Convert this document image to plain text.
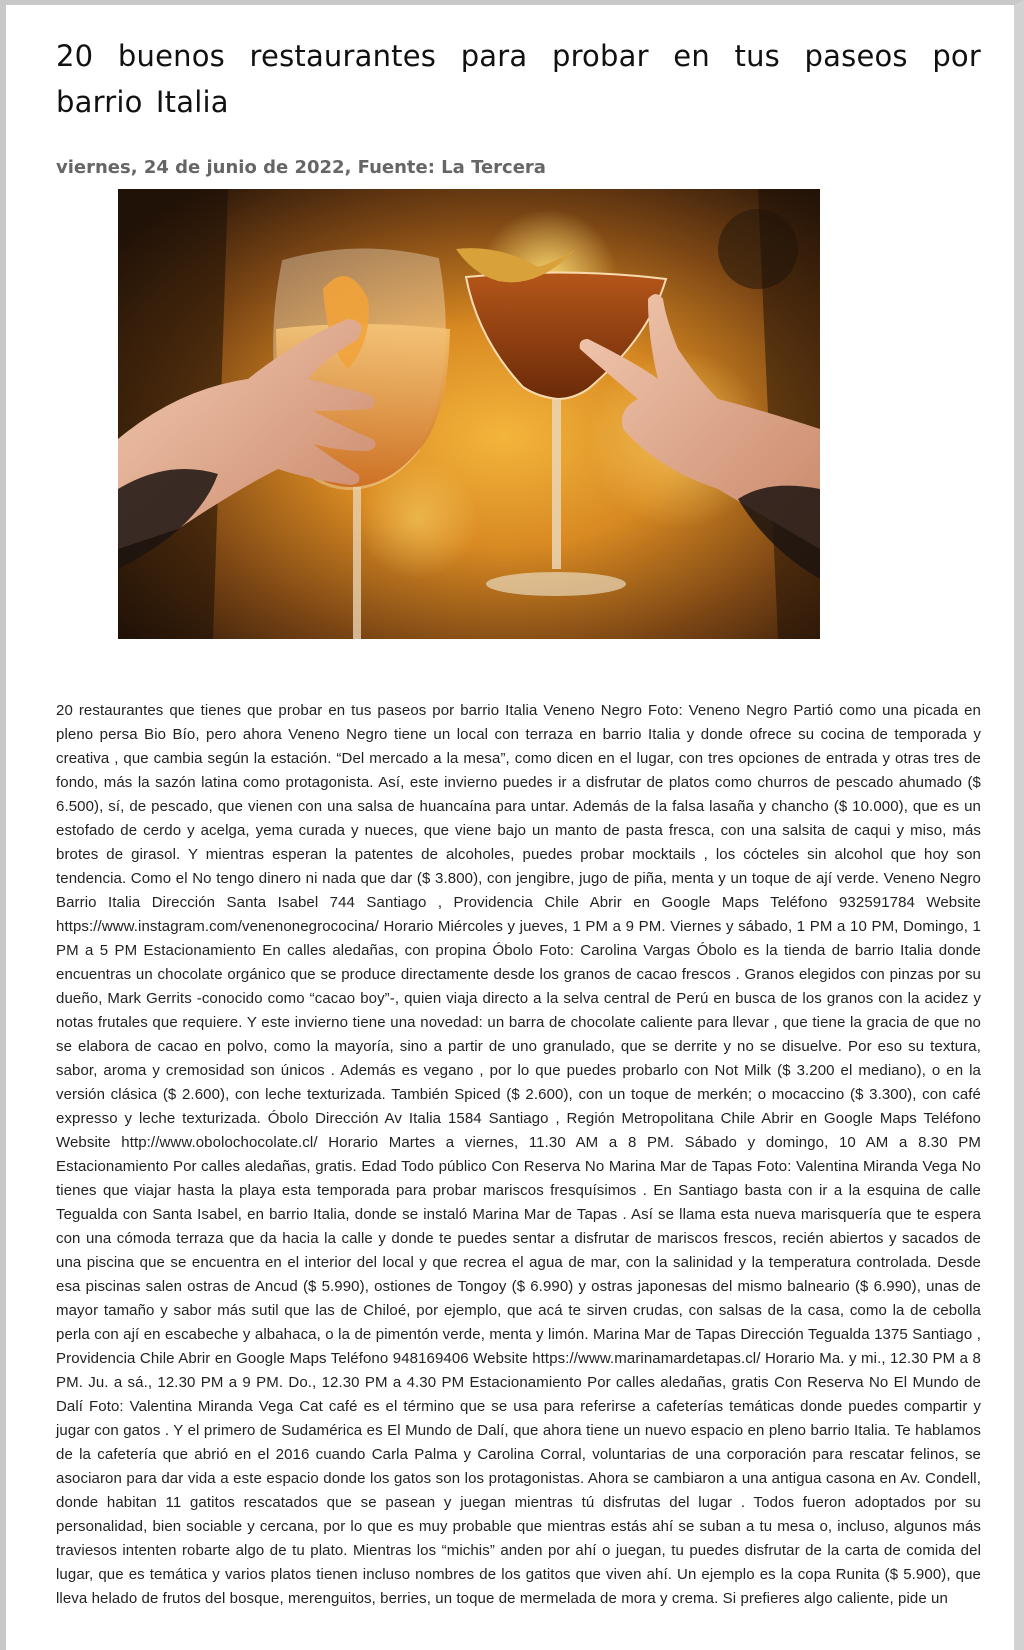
20 buenos restaurantes para probar en tus paseos por barrio Italia
viernes, 24 de junio de 2022, Fuente: La Tercera

20 restaurantes que tienes que probar en tus paseos por barrio Italia Veneno Negro Foto: Veneno Negro Partió como una picada en pleno persa Bio Bío, pero ahora Veneno Negro tiene un local con terraza en barrio Italia y donde ofrece su cocina de temporada y creativa , que cambia según la estación. “Del mercado a la mesa”, como dicen en el lugar, con tres opciones de entrada y otras tres de fondo, más la sazón latina como protagonista. Así, este invierno puedes ir a disfrutar de platos como churros de pescado ahumado ($ 6.500), sí, de pescado, que vienen con una salsa de huancaína para untar. Además de la falsa lasaña y chancho ($ 10.000), que es un estofado de cerdo y acelga, yema curada y nueces, que viene bajo un manto de pasta fresca, con una salsita de caqui y miso, más brotes de girasol. Y mientras esperan la patentes de alcoholes, puedes probar mocktails , los cócteles sin alcohol que hoy son tendencia. Como el No tengo dinero ni nada que dar ($ 3.800), con jengibre, jugo de piña, menta y un toque de ají verde. Veneno Negro Barrio Italia Dirección Santa Isabel 744 Santiago , Providencia Chile Abrir en Google Maps Teléfono 932591784 Website https://www.instagram.com/venenonegrococina/ Horario Miércoles y jueves, 1 PM a 9 PM. Viernes y sábado, 1 PM a 10 PM, Domingo, 1 PM a 5 PM Estacionamiento En calles aledañas, con propina Óbolo Foto: Carolina Vargas Óbolo es la tienda de barrio Italia donde encuentras un chocolate orgánico que se produce directamente desde los granos de cacao frescos . Granos elegidos con pinzas por su dueño, Mark Gerrits -conocido como “cacao boy”-, quien viaja directo a la selva central de Perú en busca de los granos con la acidez y notas frutales que requiere. Y este invierno tiene una novedad: un barra de chocolate caliente para llevar , que tiene la gracia de que no se elabora de cacao en polvo, como la mayoría, sino a partir de uno granulado, que se derrite y no se disuelve. Por eso su textura, sabor, aroma y cremosidad son únicos . Además es vegano , por lo que puedes probarlo con Not Milk ($ 3.200 el mediano), o en la versión clásica ($ 2.600), con leche texturizada. También Spiced ($ 2.600), con un toque de merkén; o mocaccino ($ 3.300), con café expresso y leche texturizada. Óbolo Dirección Av Italia 1584 Santiago , Región Metropolitana Chile Abrir en Google Maps Teléfono Website http://www.obolochocolate.cl/ Horario Martes a viernes, 11.30 AM a 8 PM. Sábado y domingo, 10 AM a 8.30 PM Estacionamiento Por calles aledañas, gratis. Edad Todo público Con Reserva No Marina Mar de Tapas Foto: Valentina Miranda Vega No tienes que viajar hasta la playa esta temporada para probar mariscos fresquísimos . En Santiago basta con ir a la esquina de calle Tegualda con Santa Isabel, en barrio Italia, donde se instaló Marina Mar de Tapas . Así se llama esta nueva marisquería que te espera con una cómoda terraza que da hacia la calle y donde te puedes sentar a disfrutar de mariscos frescos, recién abiertos y sacados de una piscina que se encuentra en el interior del local y que recrea el agua de mar, con la salinidad y la temperatura controlada. Desde esa piscinas salen ostras de Ancud ($ 5.990), ostiones de Tongoy ($ 6.990) y ostras japonesas del mismo balneario ($ 6.990), unas de mayor tamaño y sabor más sutil que las de Chiloé, por ejemplo, que acá te sirven crudas, con salsas de la casa, como la de cebolla perla con ají en escabeche y albahaca, o la de pimentón verde, menta y limón. Marina Mar de Tapas Dirección Tegualda 1375 Santiago , Providencia Chile Abrir en Google Maps Teléfono 948169406 Website https://www.marinamardetapas.cl/ Horario Ma. y mi., 12.30 PM a 8 PM. Ju. a sá., 12.30 PM a 9 PM. Do., 12.30 PM a 4.30 PM Estacionamiento Por calles aledañas, gratis Con Reserva No El Mundo de Dalí Foto: Valentina Miranda Vega Cat café es el término que se usa para referirse a cafeterías temáticas donde puedes compartir y jugar con gatos . Y el primero de Sudamérica es El Mundo de Dalí, que ahora tiene un nuevo espacio en pleno barrio Italia. Te hablamos de la cafetería que abrió en el 2016 cuando Carla Palma y Carolina Corral, voluntarias de una corporación para rescatar felinos, se asociaron para dar vida a este espacio donde los gatos son los protagonistas. Ahora se cambiaron a una antigua casona en Av. Condell, donde habitan 11 gatitos rescatados que se pasean y juegan mientras tú disfrutas del lugar . Todos fueron adoptados por su personalidad, bien sociable y cercana, por lo que es muy probable que mientras estás ahí se suban a tu mesa o, incluso, algunos más traviesos intenten robarte algo de tu plato. Mientras los “michis” anden por ahí o juegan, tu puedes disfrutar de la carta de comida del lugar, que es temática y varios platos tienen incluso nombres de los gatitos que viven ahí. Un ejemplo es la copa Runita ($ 5.900), que lleva helado de frutos del bosque, merenguitos, berries, un toque de mermelada de mora y crema. Si prefieres algo caliente, pide un
